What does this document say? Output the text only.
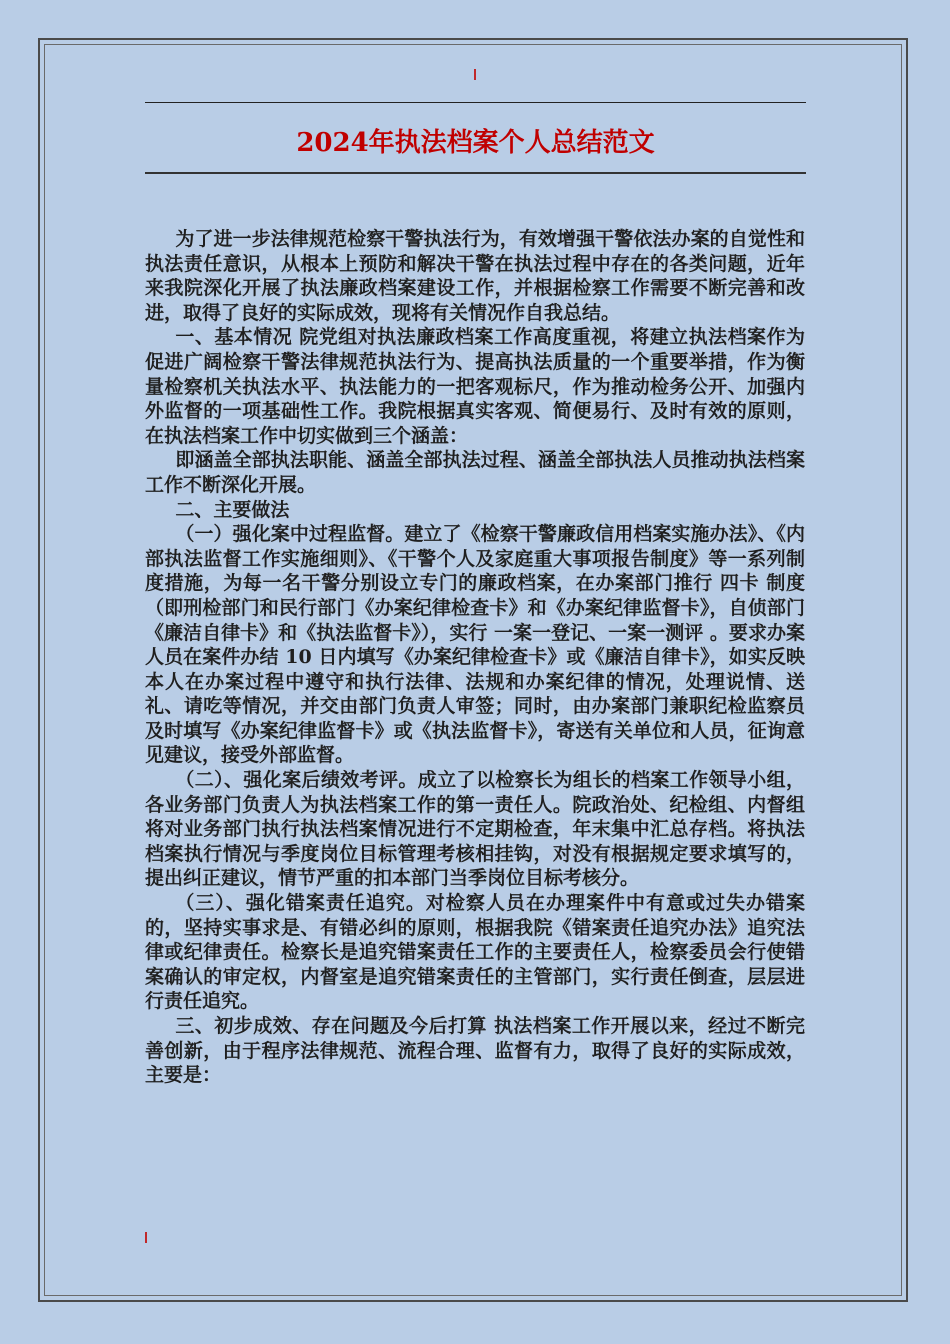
2024年执法档案个人总结范文

为了进一步法律规范检察干警执法行为，有效增强干警依法办案的自觉性和执法责任意识，从根本上预防和解决干警在执法过程中存在的各类问题，近年来我院深化开展了执法廉政档案建设工作，并根据检察工作需要不断完善和改进，取得了良好的实际成效，现将有关情况作自我总结。

一、基本情况 院党组对执法廉政档案工作高度重视，将建立执法档案作为促进广阔检察干警法律规范执法行为、提高执法质量的一个重要举措，作为衡量检察机关执法水平、执法能力的一把客观标尺，作为推动检务公开、加强内外监督的一项基础性工作。我院根据真实客观、简便易行、及时有效的原则，在执法档案工作中切实做到三个涵盖：

即涵盖全部执法职能、涵盖全部执法过程、涵盖全部执法人员推动执法档案工作不断深化开展。

二、主要做法

（一）强化案中过程监督。建立了《检察干警廉政信用档案实施办法》、《内部执法监督工作实施细则》、《干警个人及家庭重大事项报告制度》等一系列制度措施，为每一名干警分别设立专门的廉政档案，在办案部门推行 四卡 制度（即刑检部门和民行部门《办案纪律检查卡》和《办案纪律监督卡》，自侦部门《廉洁自律卡》和《执法监督卡》），实行 一案一登记、一案一测评 。要求办案人员在案件办结 10 日内填写《办案纪律检查卡》或《廉洁自律卡》，如实反映本人在办案过程中遵守和执行法律、法规和办案纪律的情况，处理说情、送礼、请吃等情况，并交由部门负责人审签；同时，由办案部门兼职纪检监察员及时填写《办案纪律监督卡》或《执法监督卡》，寄送有关单位和人员，征询意见建议，接受外部监督。

（二）、强化案后绩效考评。成立了以检察长为组长的档案工作领导小组，各业务部门负责人为执法档案工作的第一责任人。院政治处、纪检组、内督组将对业务部门执行执法档案情况进行不定期检查，年末集中汇总存档。将执法档案执行情况与季度岗位目标管理考核相挂钩，对没有根据规定要求填写的，提出纠正建议，情节严重的扣本部门当季岗位目标考核分。

（三）、强化错案责任追究。对检察人员在办理案件中有意或过失办错案的，坚持实事求是、有错必纠的原则，根据我院《错案责任追究办法》追究法律或纪律责任。检察长是追究错案责任工作的主要责任人，检察委员会行使错案确认的审定权，内督室是追究错案责任的主管部门，实行责任倒查，层层进行责任追究。

三、初步成效、存在问题及今后打算 执法档案工作开展以来，经过不断完善创新，由于程序法律规范、流程合理、监督有力，取得了良好的实际成效，主要是：
